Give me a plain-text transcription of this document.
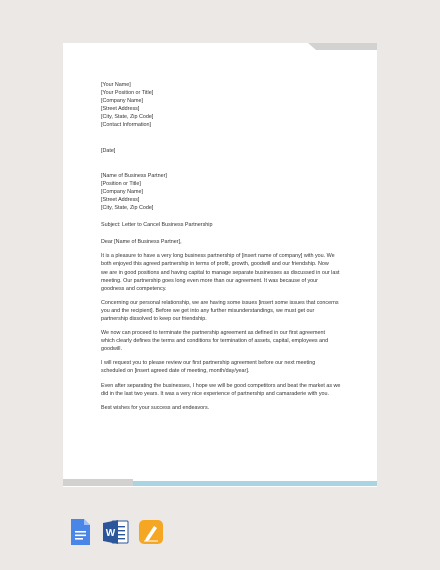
[Your Name]
[Your Position or Title]
[Company Name]
[Street Address]
[City, State, Zip Code]
[Contact Information]
[Date]
[Name of Business Partner]
[Position or Title]
[Company Name]
[Street Address]
[City, State, Zip Code]
Subject: Letter to Cancel Business Partnership
Dear [Name of Business Partner],
It is a pleasure to have a very long business partnership of [insert name of company] with you. We
both enjoyed this agreed partnership in terms of profit, growth, goodwill and our friendship. Now
we are in good positions and having capital to manage separate businesses as discussed in our last
meeting. Our partnership goes long even more than our agreement. It was because of your
goodness and competency.
Concerning our personal relationship, we are having some issues [insert some issues that concerns
you and the recipient]. Before we get into any further misunderstandings, we must get our
partnership dissolved to keep our friendship.
We now can proceed to terminate the partnership agreement as defined in our first agreement
which clearly defines the terms and conditions for termination of assets, capital, employees and
goodwill.
I will request you to please review our first partnership agreement before our next meeting
scheduled on [insert agreed date of meeting, month/day/year].
Even after separating the businesses, I hope we will be good competitors and beat the market as we
did in the last two years. It was a very nice experience of partnership and camaraderie with you.
Best wishes for your success and endeavors.
W
